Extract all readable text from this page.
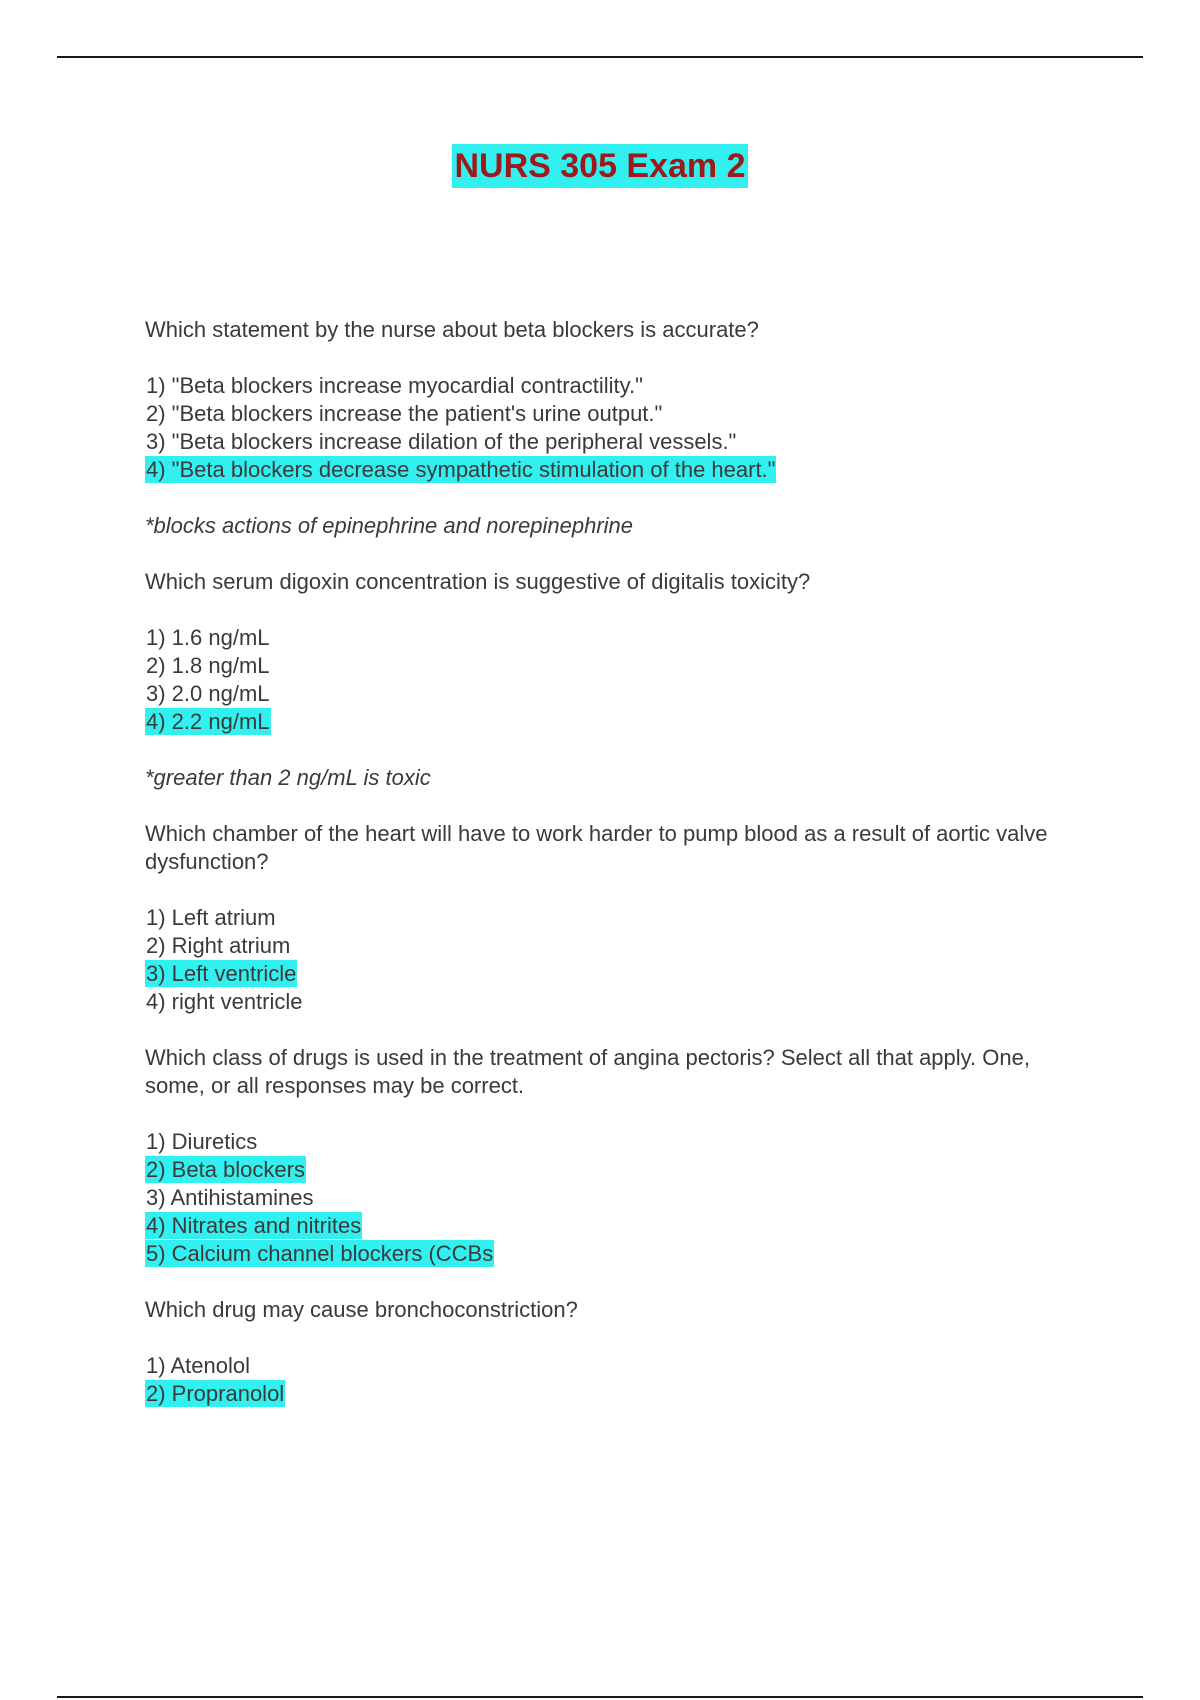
NURS 305 Exam 2

Which statement by the nurse about beta blockers is accurate?

1) "Beta blockers increase myocardial contractility."
2) "Beta blockers increase the patient's urine output."
3) "Beta blockers increase dilation of the peripheral vessels."
4) "Beta blockers decrease sympathetic stimulation of the heart."

*blocks actions of epinephrine and norepinephrine

Which serum digoxin concentration is suggestive of digitalis toxicity?

1) 1.6 ng/mL
2) 1.8 ng/mL
3) 2.0 ng/mL
4) 2.2 ng/mL

*greater than 2 ng/mL is toxic

Which chamber of the heart will have to work harder to pump blood as a result of aortic valve dysfunction?

1) Left atrium
2) Right atrium
3) Left ventricle
4) right ventricle

Which class of drugs is used in the treatment of angina pectoris? Select all that apply. One, some, or all responses may be correct.

1) Diuretics
2) Beta blockers
3) Antihistamines
4) Nitrates and nitrites
5) Calcium channel blockers (CCBs

Which drug may cause bronchoconstriction?

1) Atenolol
2) Propranolol
